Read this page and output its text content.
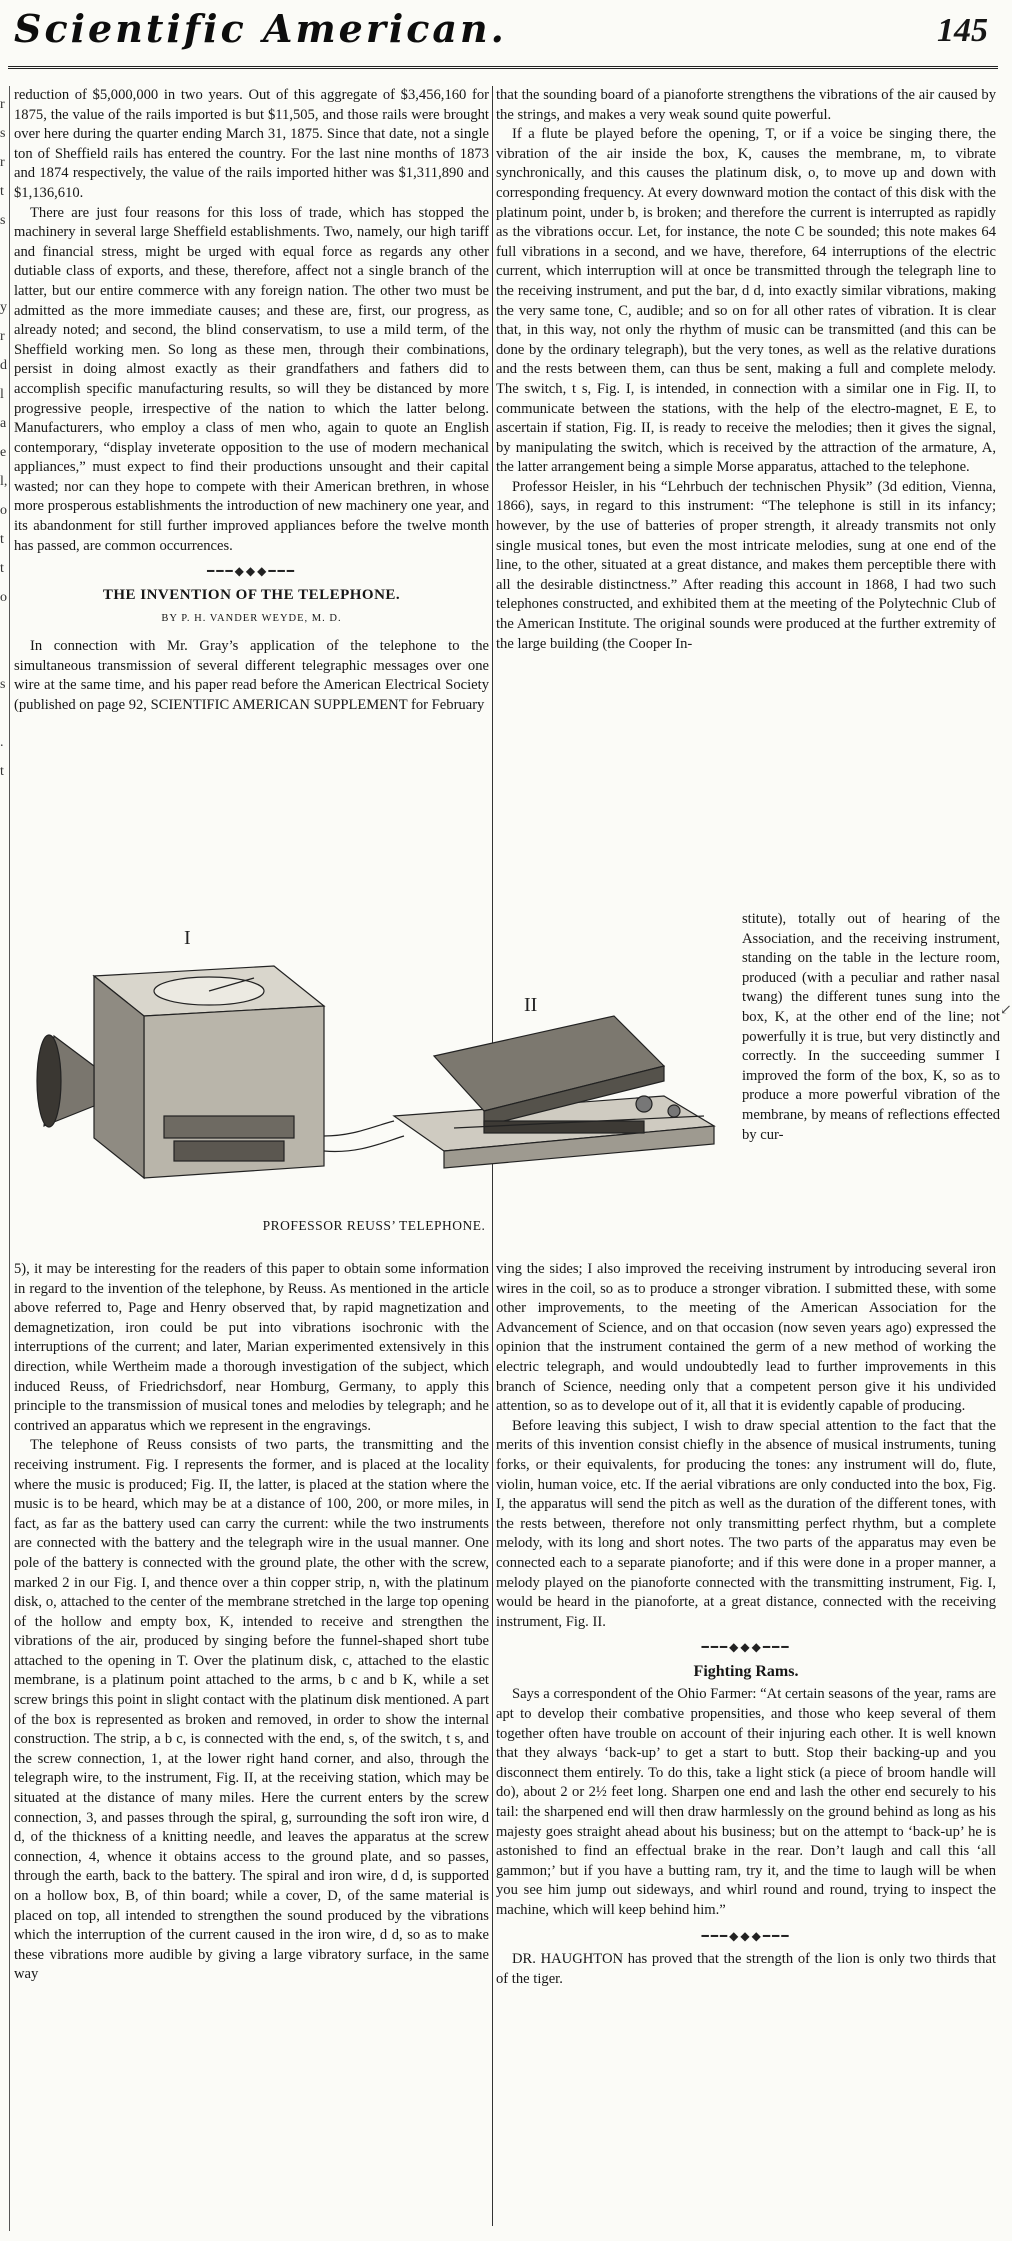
Scientific American.	145
r
s
r
t
s

y
r
d
l
a
e
l,
o
t
t
o

s

.
t

reduction of $5,000,000 in two years. Out of this aggregate of $3,456,160 for 1875, the value of the rails imported is but $11,505, and those rails were brought over here during the quarter ending March 31, 1875. Since that date, not a single ton of Sheffield rails has entered the country. For the last nine months of 1873 and 1874 respectively, the value of the rails imported hither was $1,311,890 and $1,136,610.

There are just four reasons for this loss of trade, which has stopped the machinery in several large Sheffield establishments. Two, namely, our high tariff and financial stress, might be urged with equal force as regards any other dutiable class of exports, and these, therefore, affect not a single branch of the latter, but our entire commerce with any foreign nation. The other two must be admitted as the more immediate causes; and these are, first, our progress, as already noted; and second, the blind conservatism, to use a mild term, of the Sheffield working men. So long as these men, through their combinations, persist in doing almost exactly as their grandfathers and fathers did to accomplish specific manufacturing results, so will they be distanced by more progressive people, irrespective of the nation to which the latter belong. Manufacturers, who employ a class of men who, again to quote an English contemporary, “display inveterate opposition to the use of modern mechanical appliances,” must expect to find their productions unsought and their capital wasted; nor can they hope to compete with their American brethren, in whose more prosperous establishments the introduction of new machinery one year, and its abandonment for still further improved appliances before the twelve month has passed, are common occurrences.

━━━◆◆◆━━━
THE INVENTION OF THE TELEPHONE.
BY P. H. VANDER WEYDE, M. D.

In connection with Mr. Gray’s application of the telephone to the simultaneous transmission of several different telegraphic messages over one wire at the same time, and his paper read before the American Electrical Society (published on page 92, SCIENTIFIC AMERICAN SUPPLEMENT for February

that the sounding board of a pianoforte strengthens the vibrations of the air caused by the strings, and makes a very weak sound quite powerful.

If a flute be played before the opening, T, or if a voice be singing there, the vibration of the air inside the box, K, causes the membrane, m, to vibrate synchronically, and this causes the platinum disk, o, to move up and down with corresponding frequency. At every downward motion the contact of this disk with the platinum point, under b, is broken; and therefore the current is interrupted as rapidly as the vibrations occur. Let, for instance, the note C be sounded; this note makes 64 full vibrations in a second, and we have, therefore, 64 interruptions of the electric current, which interruption will at once be transmitted through the telegraph line to the receiving instrument, and put the bar, d d, into exactly similar vibrations, making the very same tone, C, audible; and so on for all other rates of vibration. It is clear that, in this way, not only the rhythm of music can be transmitted (and this can be done by the ordinary telegraph), but the very tones, as well as the relative durations and the rests between them, can thus be sent, making a full and complete melody. The switch, t s, Fig. I, is intended, in connection with a similar one in Fig. II, to communicate between the stations, with the help of the electro-magnet, E E, to ascertain if station, Fig. II, is ready to receive the melodies; then it gives the signal, by manipulating the switch, which is received by the attraction of the armature, A, the latter arrangement being a simple Morse apparatus, attached to the telephone.

Professor Heisler, in his “Lehrbuch der technischen Physik” (3d edition, Vienna, 1866), says, in regard to this instrument: “The telephone is still in its infancy; however, by the use of batteries of proper strength, it already transmits not only single musical tones, but even the most intricate melodies, sung at one end of the line, to the other, situated at a great distance, and makes them perceptible there with all the desirable distinctness.” After reading this account in 1868, I had two such telephones constructed, and exhibited them at the meeting of the Polytechnic Club of the American Institute. The original sounds were produced at the further extremity of the large building (the Cooper In-

I
II
PROFESSOR REUSS’ TELEPHONE.

stitute), totally out of hearing of the Association, and the receiving instrument, standing on the table in the lecture room, produced (with a peculiar and rather nasal twang) the different tunes sung into the box, K, at the other end of the line; not powerfully it is true, but very distinctly and correctly. In the succeeding summer I improved the form of the box, K, so as to produce a more powerful vibration of the membrane, by means of reflections effected by cur-

↙

5), it may be interesting for the readers of this paper to obtain some information in regard to the invention of the telephone, by Reuss. As mentioned in the article above referred to, Page and Henry observed that, by rapid magnetization and demagnetization, iron could be put into vibrations isochronic with the interruptions of the current; and later, Marian experimented extensively in this direction, while Wertheim made a thorough investigation of the subject, which induced Reuss, of Friedrichsdorf, near Homburg, Germany, to apply this principle to the transmission of musical tones and melodies by telegraph; and he contrived an apparatus which we represent in the engravings.

The telephone of Reuss consists of two parts, the transmitting and the receiving instrument. Fig. I represents the former, and is placed at the locality where the music is produced; Fig. II, the latter, is placed at the station where the music is to be heard, which may be at a distance of 100, 200, or more miles, in fact, as far as the battery used can carry the current: while the two instruments are connected with the battery and the telegraph wire in the usual manner. One pole of the battery is connected with the ground plate, the other with the screw, marked 2 in our Fig. I, and thence over a thin copper strip, n, with the platinum disk, o, attached to the center of the membrane stretched in the large top opening of the hollow and empty box, K, intended to receive and strengthen the vibrations of the air, produced by singing before the funnel-shaped short tube attached to the opening in T. Over the platinum disk, c, attached to the elastic membrane, is a platinum point attached to the arms, b c and b K, while a set screw brings this point in slight contact with the platinum disk mentioned. A part of the box is represented as broken and removed, in order to show the internal construction. The strip, a b c, is connected with the end, s, of the switch, t s, and the screw connection, 1, at the lower right hand corner, and also, through the telegraph wire, to the instrument, Fig. II, at the receiving station, which may be situated at the distance of many miles. Here the current enters by the screw connection, 3, and passes through the spiral, g, surrounding the soft iron wire, d d, of the thickness of a knitting needle, and leaves the apparatus at the screw connection, 4, whence it obtains access to the ground plate, and so passes, through the earth, back to the battery. The spiral and iron wire, d d, is supported on a hollow box, B, of thin board; while a cover, D, of the same material is placed on top, all intended to strengthen the sound produced by the vibrations which the interruption of the current caused in the iron wire, d d, so as to make these vibrations more audible by giving a large vibratory surface, in the same way

ving the sides; I also improved the receiving instrument by introducing several iron wires in the coil, so as to produce a stronger vibration. I submitted these, with some other improvements, to the meeting of the American Association for the Advancement of Science, and on that occasion (now seven years ago) expressed the opinion that the instrument contained the germ of a new method of working the electric telegraph, and would undoubtedly lead to further improvements in this branch of Science, needing only that a competent person give it his undivided attention, so as to develope out of it, all that it is evidently capable of producing.

Before leaving this subject, I wish to draw special attention to the fact that the merits of this invention consist chiefly in the absence of musical instruments, tuning forks, or their equivalents, for producing the tones: any instrument will do, flute, violin, human voice, etc. If the aerial vibrations are only conducted into the box, Fig. I, the apparatus will send the pitch as well as the duration of the different tones, with the rests between, therefore not only transmitting perfect rhythm, but a complete melody, with its long and short notes. The two parts of the apparatus may even be connected each to a separate pianoforte; and if this were done in a proper manner, a melody played on the pianoforte connected with the transmitting instrument, Fig. I, would be heard in the pianoforte, at a great distance, connected with the receiving instrument, Fig. II.

━━━◆◆◆━━━
Fighting Rams.

Says a correspondent of the Ohio Farmer: “At certain seasons of the year, rams are apt to develop their combative propensities, and those who keep several of them together often have trouble on account of their injuring each other. It is well known that they always ‘back-up’ to get a start to butt. Stop their backing-up and you disconnect them entirely. To do this, take a light stick (a piece of broom handle will do), about 2 or 2½ feet long. Sharpen one end and lash the other end securely to his tail: the sharpened end will then draw harmlessly on the ground behind as long as his majesty goes straight ahead about his business; but on the attempt to ‘back-up’ he is astonished to find an effectual brake in the rear. Don’t laugh and call this ‘all gammon;’ but if you have a butting ram, try it, and the time to laugh will be when you see him jump out sideways, and whirl round and round, trying to inspect the machine, which will keep behind him.”

━━━◆◆◆━━━

DR. HAUGHTON has proved that the strength of the lion is only two thirds that of the tiger.
